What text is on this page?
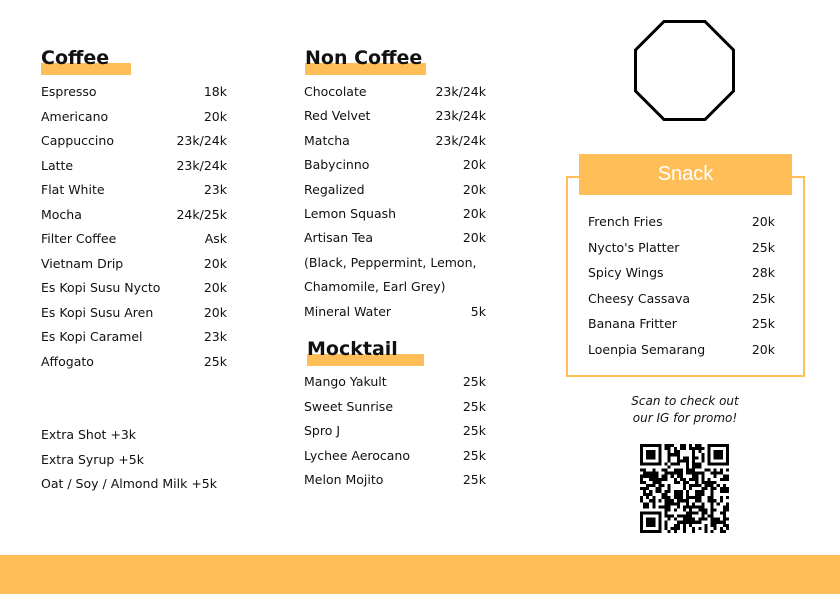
Coffee
Espresso	18k
Americano	20k
Cappuccino	23k/24k
Latte	23k/24k
Flat White	23k
Mocha	24k/25k
Filter Coffee	Ask
Vietnam Drip	20k
Es Kopi Susu Nycto	20k
Es Kopi Susu Aren	20k
Es Kopi Caramel	23k
Affogato	25k
Extra Shot +3k
Extra Syrup +5k
Oat / Soy / Almond Milk +5k
Non Coffee
Chocolate	23k/24k
Red Velvet	23k/24k
Matcha	23k/24k
Babycinno	20k
Regalized	20k
Lemon Squash	20k
Artisan Tea	20k
(Black, Peppermint, Lemon,
Chamomile, Earl Grey)
Mineral Water	5k
Mocktail
Mango Yakult	25k
Sweet Sunrise	25k
Spro J	25k
Lychee Aerocano	25k
Melon Mojito	25k
Snack
French Fries	20k
Nycto's Platter	25k
Spicy Wings	28k
Cheesy Cassava	25k
Banana Fritter	25k
Loenpia Semarang	20k
Scan to check out
our IG for promo!
